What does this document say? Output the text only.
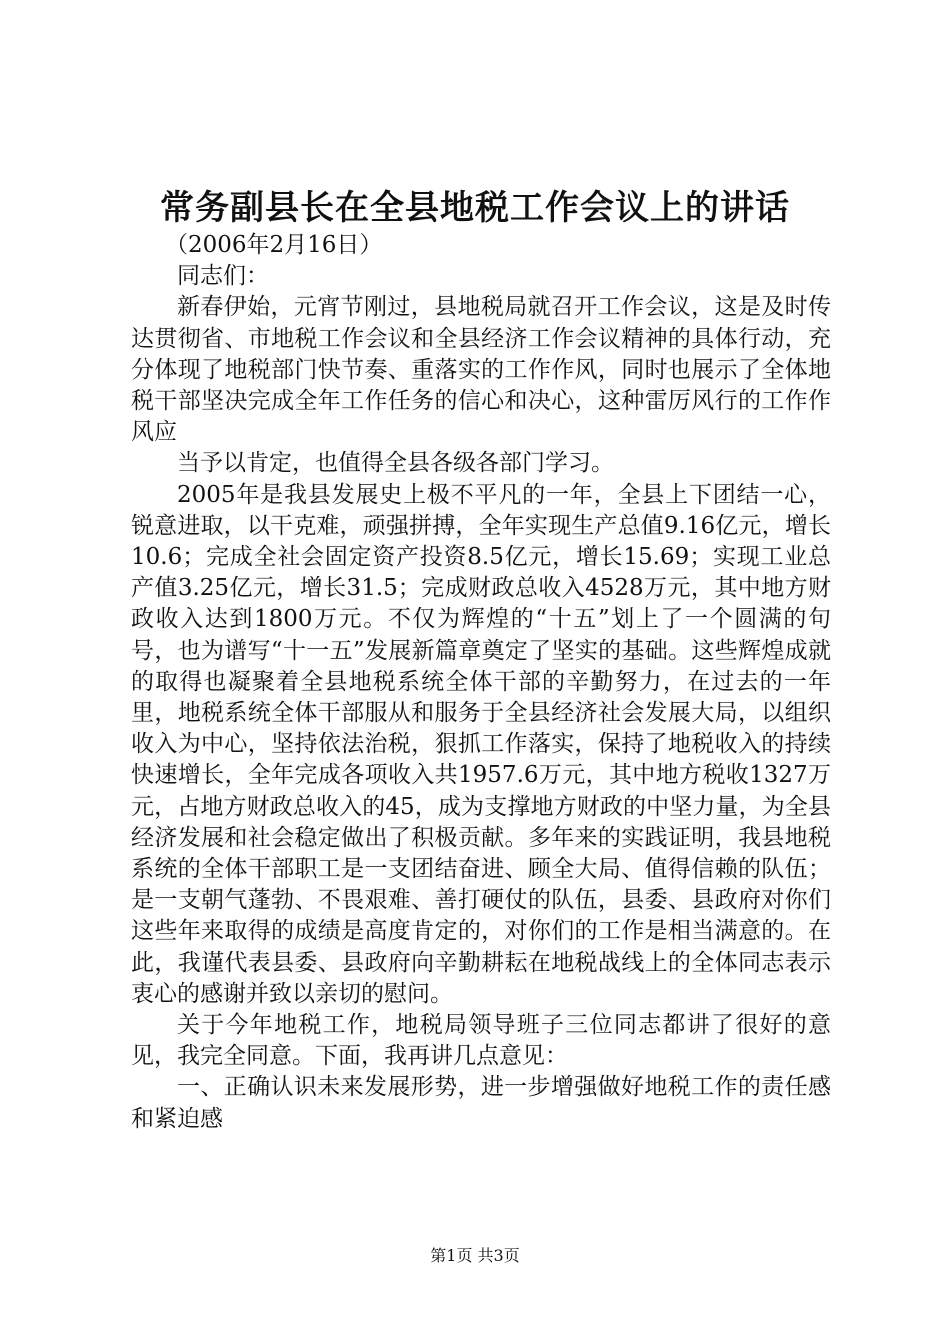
常务副县长在全县地税工作会议上的讲话

（2006年2月16日）

同志们：

新春伊始，元宵节刚过，县地税局就召开工作会议，这是及时传达贯彻省、市地税工作会议和全县经济工作会议精神的具体行动，充分体现了地税部门快节奏、重落实的工作作风，同时也展示了全体地税干部坚决完成全年工作任务的信心和决心，这种雷厉风行的工作作风应

当予以肯定，也值得全县各级各部门学习。

2005年是我县发展史上极不平凡的一年，全县上下团结一心，锐意进取，以干克难，顽强拼搏，全年实现生产总值9.16亿元，增长10.6；完成全社会固定资产投资8.5亿元，增长15.69；实现工业总产值3.25亿元，增长31.5；完成财政总收入4528万元，其中地方财政收入达到1800万元。不仅为辉煌的“十五”划上了一个圆满的句号，也为谱写“十一五”发展新篇章奠定了坚实的基础。这些辉煌成就的取得也凝聚着全县地税系统全体干部的辛勤努力，在过去的一年里，地税系统全体干部服从和服务于全县经济社会发展大局，以组织收入为中心，坚持依法治税，狠抓工作落实，保持了地税收入的持续快速增长，全年完成各项收入共1957.6万元，其中地方税收1327万元，占地方财政总收入的45，成为支撑地方财政的中坚力量，为全县经济发展和社会稳定做出了积极贡献。多年来的实践证明，我县地税系统的全体干部职工是一支团结奋进、顾全大局、值得信赖的队伍；是一支朝气蓬勃、不畏艰难、善打硬仗的队伍，县委、县政府对你们这些年来取得的成绩是高度肯定的，对你们的工作是相当满意的。在此，我谨代表县委、县政府向辛勤耕耘在地税战线上的全体同志表示衷心的感谢并致以亲切的慰问。

关于今年地税工作，地税局领导班子三位同志都讲了很好的意见，我完全同意。下面，我再讲几点意见：

一、正确认识未来发展形势，进一步增强做好地税工作的责任感和紧迫感

第1页 共3页
